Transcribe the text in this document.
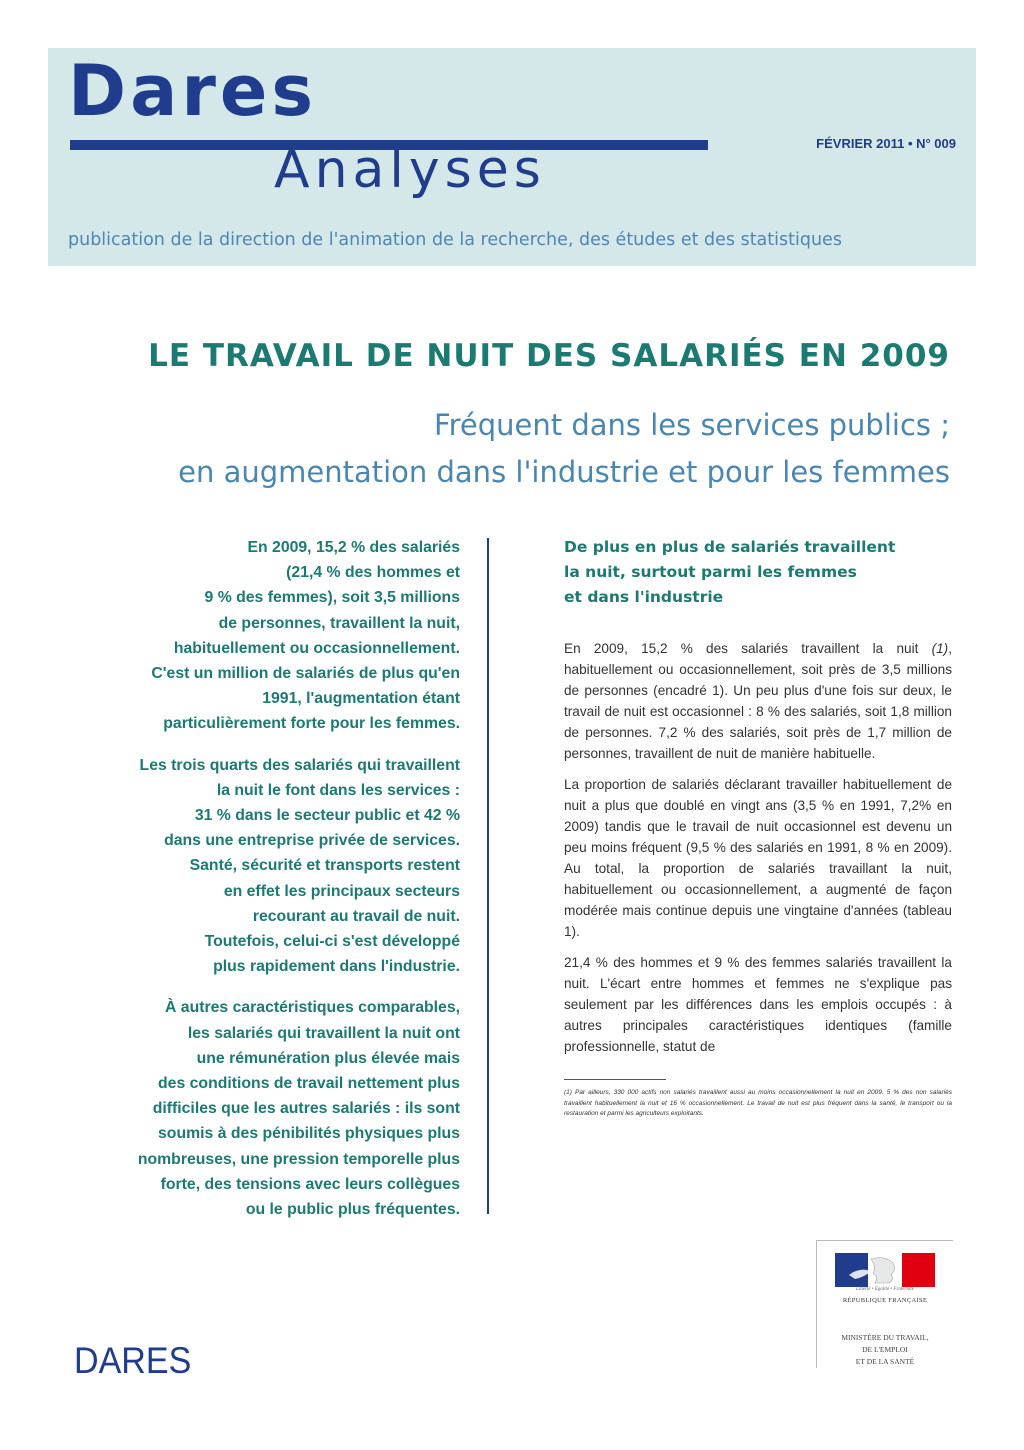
Dares
Analyses	FÉVRIER 2011 • N° 009
publication de la direction de l'animation de la recherche, des études et des statistiques
LE TRAVAIL DE NUIT DES SALARIÉS EN 2009
Fréquent dans les services publics ;
en augmentation dans l'industrie et pour les femmes

En 2009, 15,2 % des salariés
(21,4 % des hommes et
9 % des femmes), soit 3,5 millions
de personnes, travaillent la nuit,
habituellement ou occasionnellement.
C'est un million de salariés de plus qu'en
1991, l'augmentation étant
particulièrement forte pour les femmes.

Les trois quarts des salariés qui travaillent
la nuit le font dans les services :
31 % dans le secteur public et 42 %
dans une entreprise privée de services.
Santé, sécurité et transports restent
en effet les principaux secteurs
recourant au travail de nuit.
Toutefois, celui-ci s'est développé
plus rapidement dans l'industrie.

À autres caractéristiques comparables,
les salariés qui travaillent la nuit ont
une rémunération plus élevée mais
des conditions de travail nettement plus
difficiles que les autres salariés : ils sont
soumis à des pénibilités physiques plus
nombreuses, une pression temporelle plus
forte, des tensions avec leurs collègues
ou le public plus fréquentes.

De plus en plus de salariés travaillent
la nuit, surtout parmi les femmes
et dans l'industrie

En 2009, 15,2 % des salariés travaillent la nuit (1), habituellement ou occasionnellement, soit près de 3,5 millions de personnes (encadré 1). Un peu plus d'une fois sur deux, le travail de nuit est occasionnel : 8 % des salariés, soit 1,8 million de personnes. 7,2 % des salariés, soit près de 1,7 million de personnes, travaillent de nuit de manière habituelle.

La proportion de salariés déclarant travailler habituellement de nuit a plus que doublé en vingt ans (3,5 % en 1991, 7,2% en 2009) tandis que le travail de nuit occasionnel est devenu un peu moins fréquent (9,5 % des salariés en 1991, 8 % en 2009). Au total, la proportion de salariés travaillant la nuit, habituellement ou occasionnellement, a augmenté de façon modérée mais continue depuis une vingtaine d'années (tableau 1).

21,4 % des hommes et 9 % des femmes salariés travaillent la nuit. L'écart entre hommes et femmes ne s'explique pas seulement par les différences dans les emplois occupés : à autres principales caractéristiques identiques (famille professionnelle, statut de

(1) Par ailleurs, 330 000 actifs non salariés travaillent aussi au moins occasionnellement la nuit en 2009. 5 % des non salariés travaillent habituellement la nuit et 16 % occasionnellement. Le travail de nuit est plus fréquent dans la santé, le transport ou la restauration et parmi les agriculteurs exploitants.

DARES
Liberté • Égalité • Fraternité
RÉPUBLIQUE FRANÇAISE
MINISTÈRE DU TRAVAIL,
DE L'EMPLOI
ET DE LA SANTÉ
